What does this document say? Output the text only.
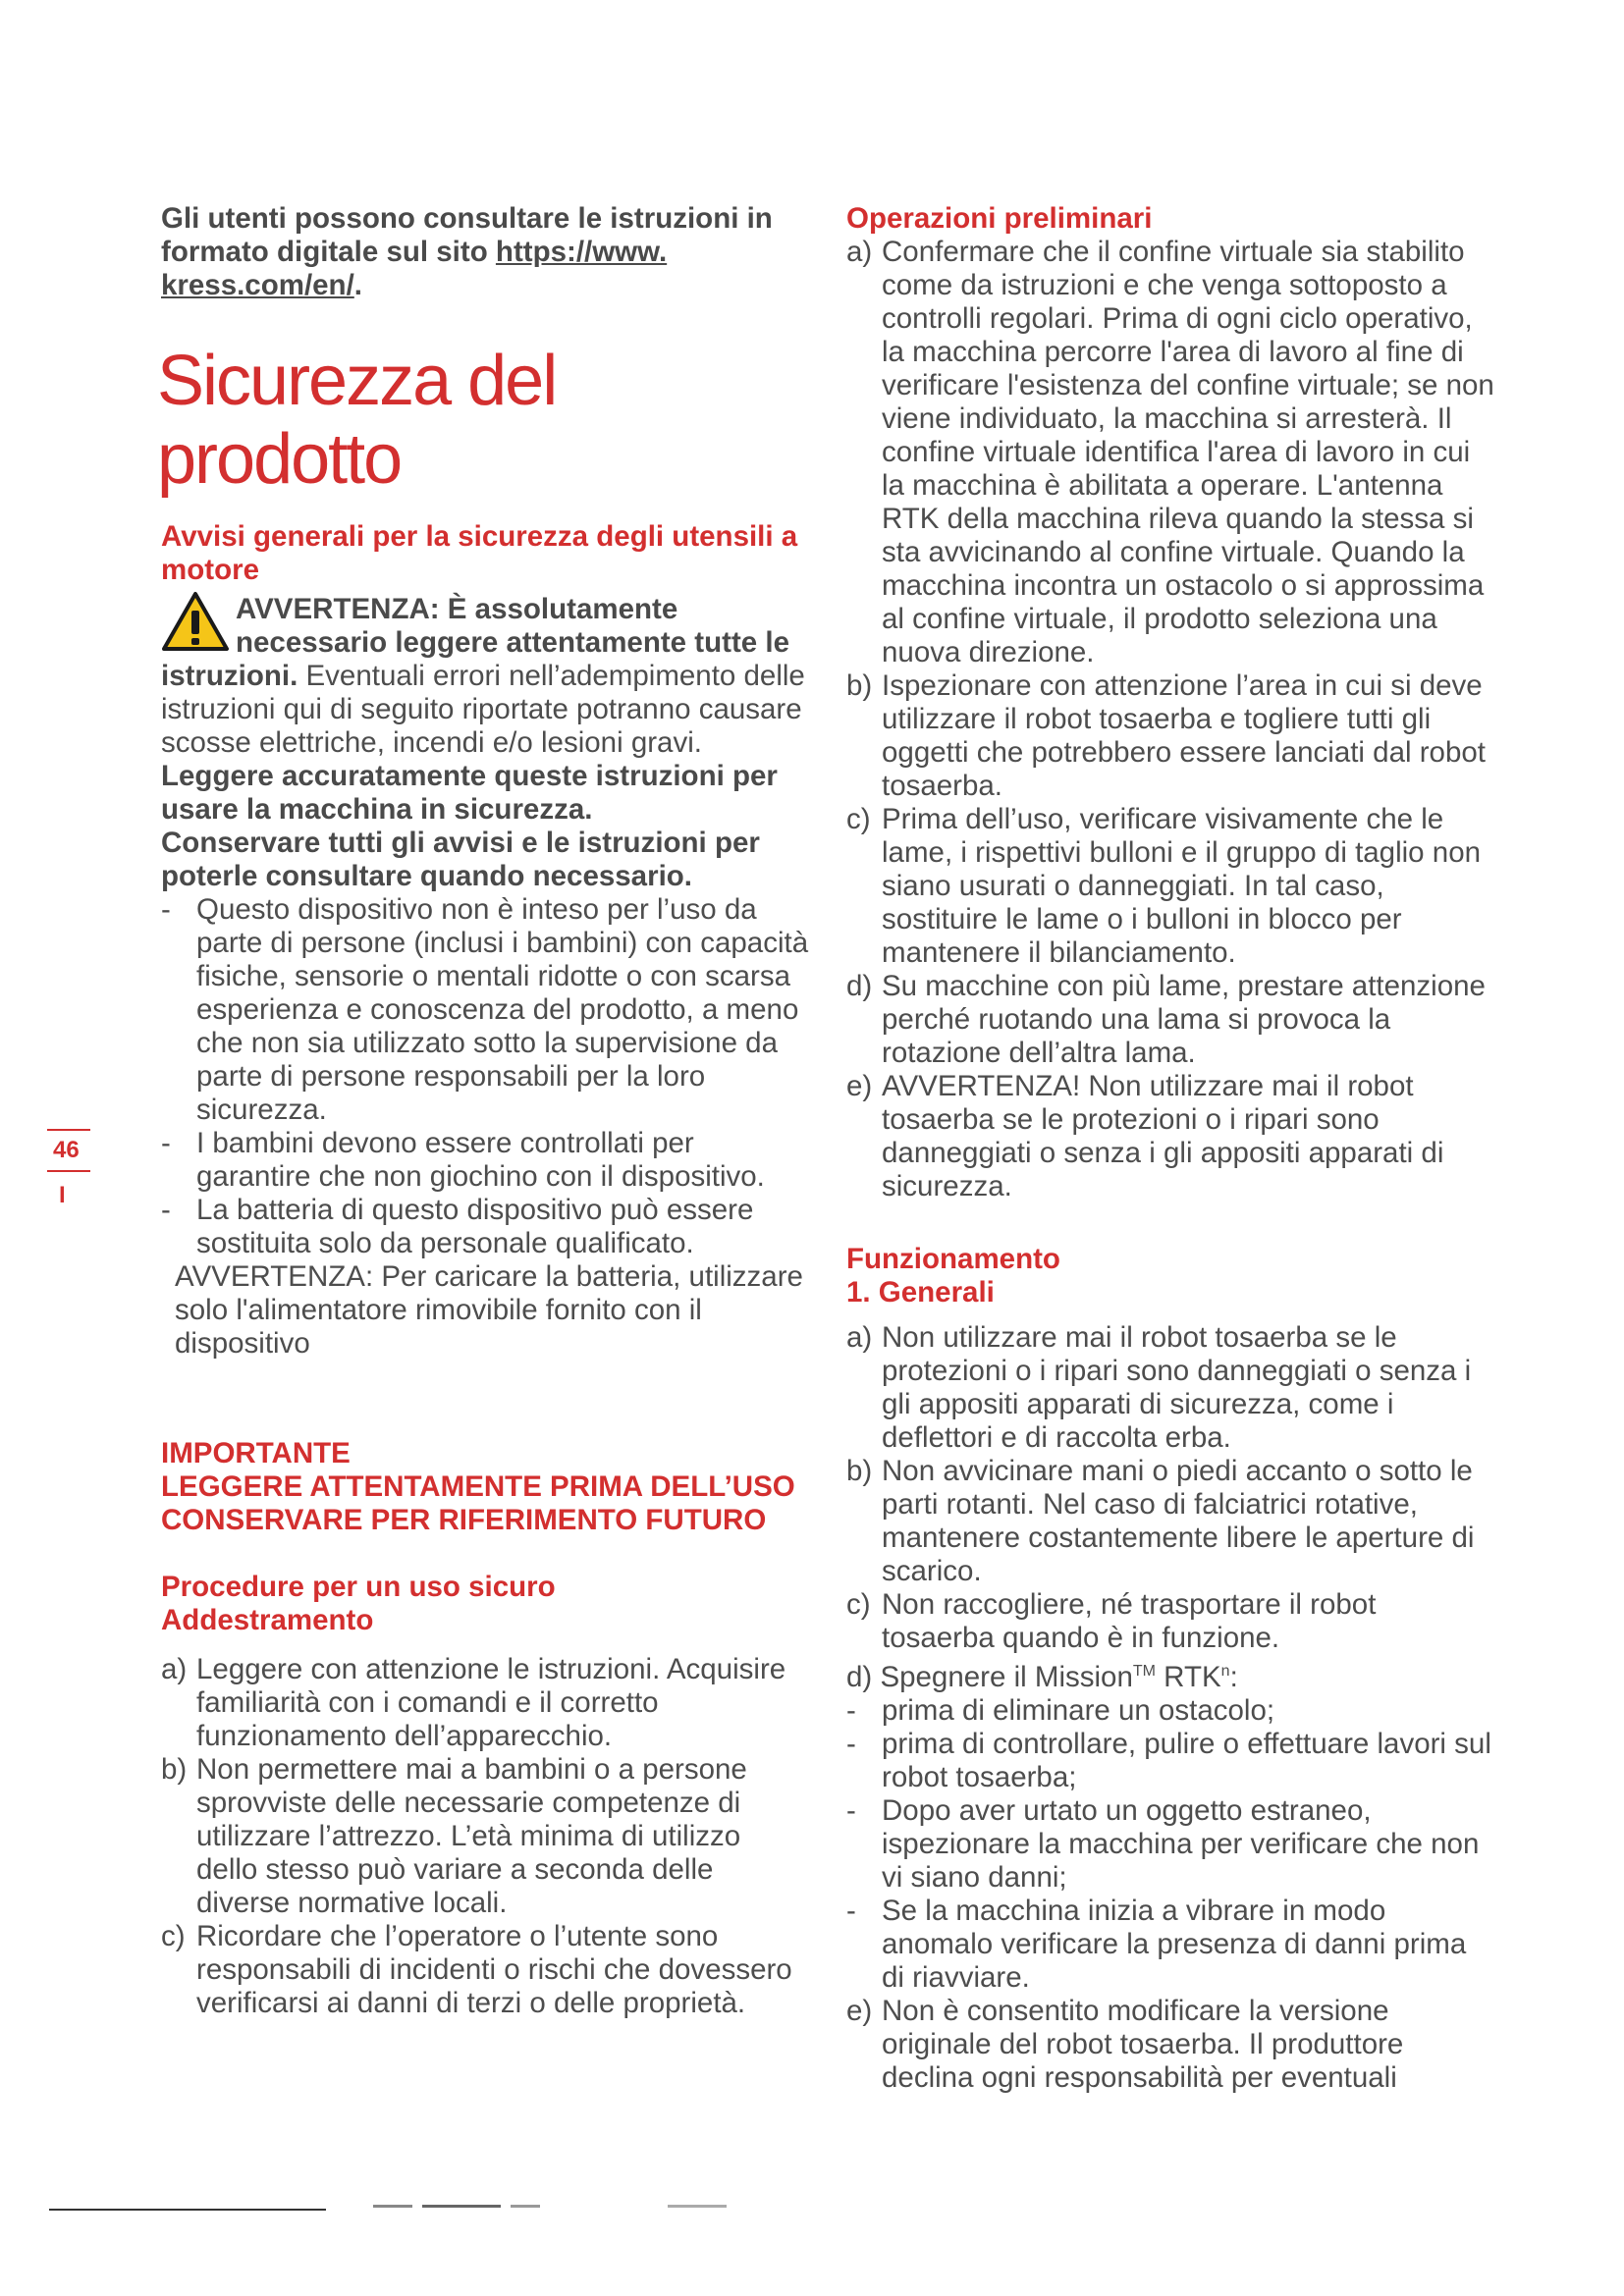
Gli utenti possono consultare le istruzioni in formato digitale sul sito https://www. kress.com/en/.

Sicurezza del prodotto

Avvisi generali per la sicurezza degli utensili a motore

AVVERTENZA: È assolutamente necessario leggere attentamente tutte le istruzioni. Eventuali errori nell’adempimento delle istruzioni qui di seguito riportate potranno causare scosse elettriche, incendi e/o lesioni gravi.

Leggere accuratamente queste istruzioni per usare la macchina in sicurezza.

Conservare tutti gli avvisi e le istruzioni per poterle consultare quando necessario.

- Questo dispositivo non è inteso per l’uso da parte di persone (inclusi i bambini) con capacità fisiche, sensorie o mentali ridotte o con scarsa esperienza e conoscenza del prodotto, a meno che non sia utilizzato sotto la supervisione da parte di persone responsabili per la loro sicurezza.
- I bambini devono essere controllati per garantire che non giochino con il dispositivo.
- La batteria di questo dispositivo può essere sostituita solo da personale qualificato.

AVVERTENZA: Per caricare la batteria, utilizzare solo l'alimentatore rimovibile fornito con il dispositivo

IMPORTANTE

LEGGERE ATTENTAMENTE PRIMA DELL’USO

CONSERVARE PER RIFERIMENTO FUTURO

Procedure per un uso sicuro

Addestramento

a) Leggere con attenzione le istruzioni. Acquisire familiarità con i comandi e il corretto funzionamento dell’apparecchio.
b) Non permettere mai a bambini o a persone sprovviste delle necessarie competenze di utilizzare l’attrezzo. L’età minima di utilizzo dello stesso può variare a seconda delle diverse normative locali.
c) Ricordare che l’operatore o l’utente sono responsabili di incidenti o rischi che dovessero verificarsi ai danni di terzi o delle proprietà.

Operazioni preliminari

a) Confermare che il confine virtuale sia stabilito come da istruzioni e che venga sottoposto a controlli regolari. Prima di ogni ciclo operativo, la macchina percorre l'area di lavoro al fine di verificare l'esistenza del confine virtuale; se non viene individuato, la macchina si arresterà. Il confine virtuale identifica l'area di lavoro in cui la macchina è abilitata a operare. L'antenna RTK della macchina rileva quando la stessa si sta avvicinando al confine virtuale. Quando la macchina incontra un ostacolo o si approssima al confine virtuale, il prodotto seleziona una nuova direzione.
b) Ispezionare con attenzione l’area in cui si deve utilizzare il robot tosaerba e togliere tutti gli oggetti che potrebbero essere lanciati dal robot tosaerba.
c) Prima dell’uso, verificare visivamente che le lame, i rispettivi bulloni e il gruppo di taglio non siano usurati o danneggiati. In tal caso, sostituire le lame o i bulloni in blocco per mantenere il bilanciamento.
d) Su macchine con più lame, prestare attenzione perché ruotando una lama si provoca la rotazione dell’altra lama.
e) AVVERTENZA! Non utilizzare mai il robot tosaerba se le protezioni o i ripari sono danneggiati o senza i gli appositi apparati di sicurezza.

Funzionamento

1. Generali

a) Non utilizzare mai il robot tosaerba se le protezioni o i ripari sono danneggiati o senza i gli appositi apparati di sicurezza, come i deflettori e di raccolta erba.
b) Non avvicinare mani o piedi accanto o sotto le parti rotanti. Nel caso di falciatrici rotative, mantenere costantemente libere le aperture di scarico.
c) Non raccogliere, né trasportare il robot tosaerba quando è in funzione.

d) Spegnere il Mission™ RTK$^n$:

- prima di eliminare un ostacolo;
- prima di controllare, pulire o effettuare lavori sul robot tosaerba;
- Dopo aver urtato un oggetto estraneo, ispezionare la macchina per verificare che non vi siano danni;
- Se la macchina inizia a vibrare in modo anomalo verificare la presenza di danni prima di riavviare.
e) Non è consentito modificare la versione originale del robot tosaerba. Il produttore declina ogni responsabilità per eventuali
46
I
